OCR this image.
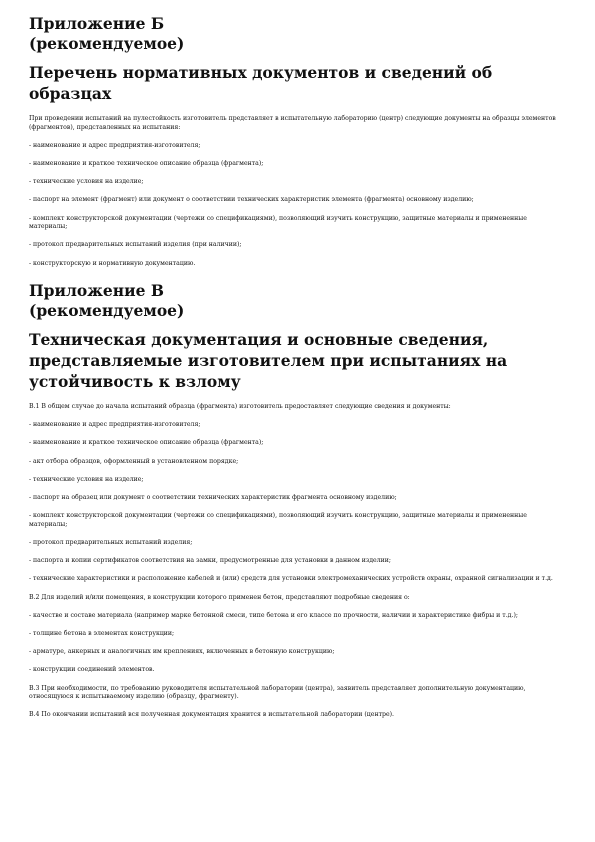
Приложение Б
(рекомендуемое)
Перечень нормативных документов и сведений об образцах
При проведении испытаний на пулестойкость изготовитель представляет в испытательную лабораторию (центр) следующие документы на образцы элементов (фрагментов), представленных на испытания:
- наименование и адрес предприятия-изготовителя;
- наименование и краткое техническое описание образца (фрагмента);
- технические условия на изделие;
- паспорт на элемент (фрагмент) или документ о соответствии технических характеристик элемента (фрагмента) основному изделию;
- комплект конструкторской документации (чертежи со спецификациями), позволяющий изучить конструкцию, защитные материалы и примененные материалы;
- протокол предварительных испытаний изделия (при наличии);
- конструкторскую и нормативную документацию.
Приложение В
(рекомендуемое)
Техническая документация и основные сведения,
представляемые изготовителем при испытаниях на
устойчивость к взлому
В.1 В общем случае до начала испытаний образца (фрагмента) изготовитель предоставляет следующие сведения и документы:
- наименование и адрес предприятия-изготовителя;
- наименование и краткое техническое описание образца (фрагмента);
- акт отбора образцов, оформленный в установленном порядке;
- технические условия на изделие;
- паспорт на образец или документ о соответствии технических характеристик фрагмента основному изделию;
- комплект конструкторской документации (чертежи со спецификациями), позволяющий изучить конструкцию, защитные материалы и примененные материалы;
- протокол предварительных испытаний изделия;
- паспорта и копии сертификатов соответствия на замки, предусмотренные для установки в данном изделии;
- технические характеристики и расположение кабелей и (или) средств для установки электромеханических устройств охраны, охранной сигнализации и т.д.
В.2 Для изделий и/или помещения, в конструкции которого применен бетон, представляют подробные сведения о:
- качестве и составе материала (например марке бетонной смеси, типе бетона и его классе по прочности, наличии и характеристике фибры и т.д.);
- толщине бетона в элементах конструкции;
- арматуре, анкерных и аналогичных им креплениях, включенных в бетонную конструкцию;
- конструкции соединений элементов.
В.3 При необходимости, по требованию руководителя испытательной лаборатории (центра), заявитель представляет дополнительную документацию, относящуюся к испытываемому изделию (образцу, фрагменту).
В.4 По окончании испытаний вся полученная документация хранится в испытательной лаборатории (центре).
